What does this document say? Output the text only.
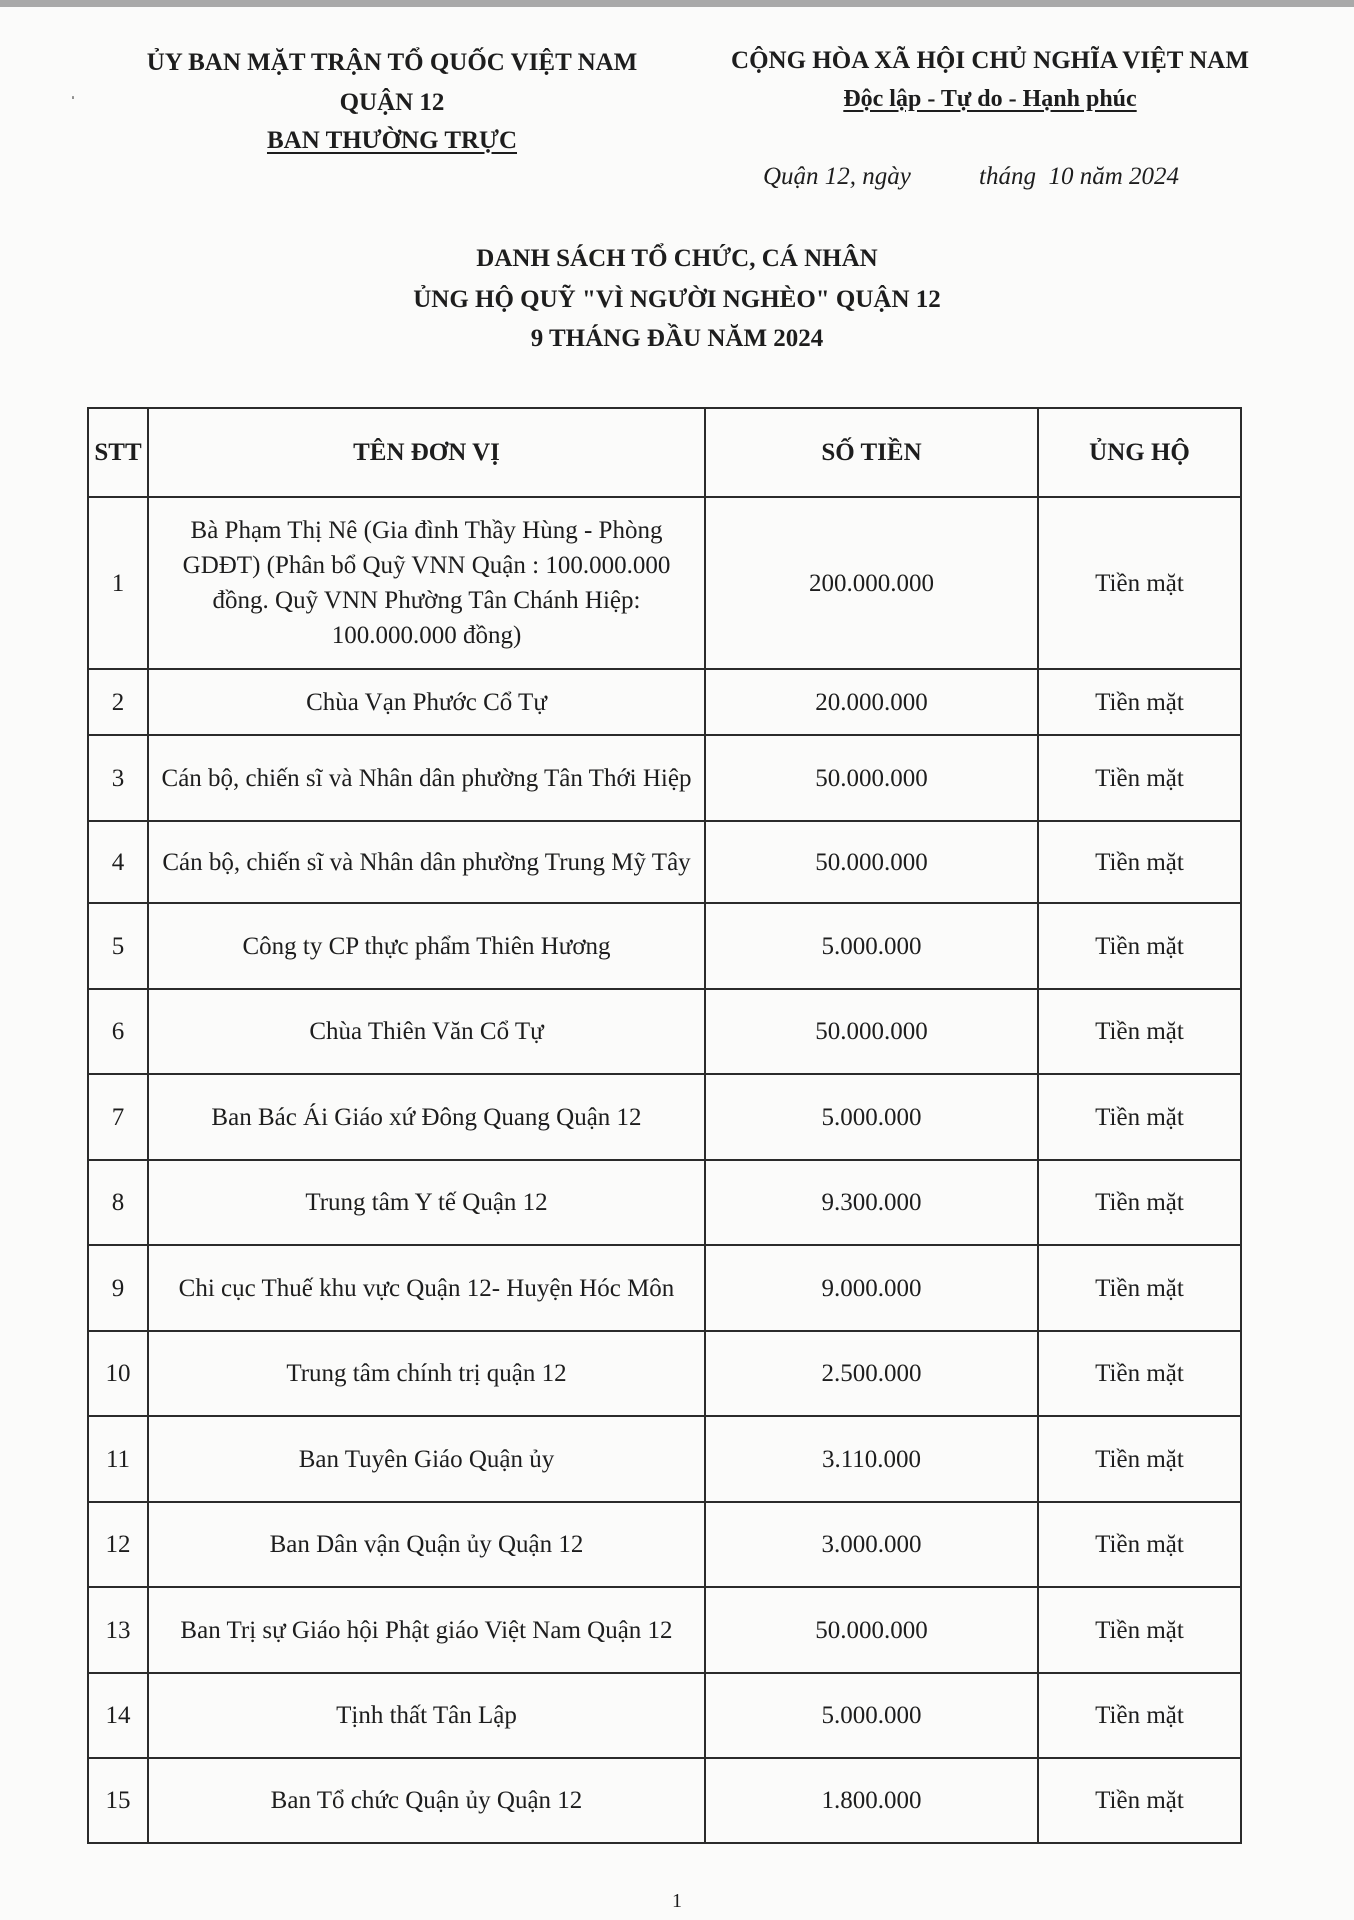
ˌ
ỦY BAN MẶT TRẬN TỔ QUỐC VIỆT NAM
QUẬN 12
BAN THƯỜNG TRỰC
CỘNG HÒA XÃ HỘI CHỦ NGHĨA VIỆT NAM
Độc lập - Tự do - Hạnh phúc
Quận 12, ngày	tháng  10 năm 2024
DANH SÁCH TỔ CHỨC, CÁ NHÂN
ỦNG HỘ QUỸ "VÌ NGƯỜI NGHÈO" QUẬN 12
9 THÁNG ĐẦU NĂM 2024
STT	TÊN ĐƠN VỊ	SỐ TIỀN	ỦNG HỘ
1	Bà Phạm Thị Nê (Gia đình Thầy Hùng - Phòng GDĐT) (Phân bổ Quỹ VNN Quận : 100.000.000 đồng. Quỹ VNN Phường Tân Chánh Hiệp: 100.000.000 đồng)	200.000.000	Tiền mặt
2	Chùa Vạn Phước Cổ Tự	20.000.000	Tiền mặt
3	Cán bộ, chiến sĩ và Nhân dân phường Tân Thới Hiệp	50.000.000	Tiền mặt
4	Cán bộ, chiến sĩ và Nhân dân phường Trung Mỹ Tây	50.000.000	Tiền mặt
5	Công ty CP thực phẩm Thiên Hương	5.000.000	Tiền mặt
6	Chùa Thiên Văn Cổ Tự	50.000.000	Tiền mặt
7	Ban Bác Ái Giáo xứ Đông Quang Quận 12	5.000.000	Tiền mặt
8	Trung tâm Y tế Quận 12	9.300.000	Tiền mặt
9	Chi cục Thuế khu vực Quận 12- Huyện Hóc Môn	9.000.000	Tiền mặt
10	Trung tâm chính trị quận 12	2.500.000	Tiền mặt
11	Ban Tuyên Giáo Quận ủy	3.110.000	Tiền mặt
12	Ban Dân vận Quận ủy Quận 12	3.000.000	Tiền mặt
13	Ban Trị sự Giáo hội Phật giáo Việt Nam Quận 12	50.000.000	Tiền mặt
14	Tịnh thất Tân Lập	5.000.000	Tiền mặt
15	Ban Tổ chức Quận ủy Quận 12	1.800.000	Tiền mặt
1
